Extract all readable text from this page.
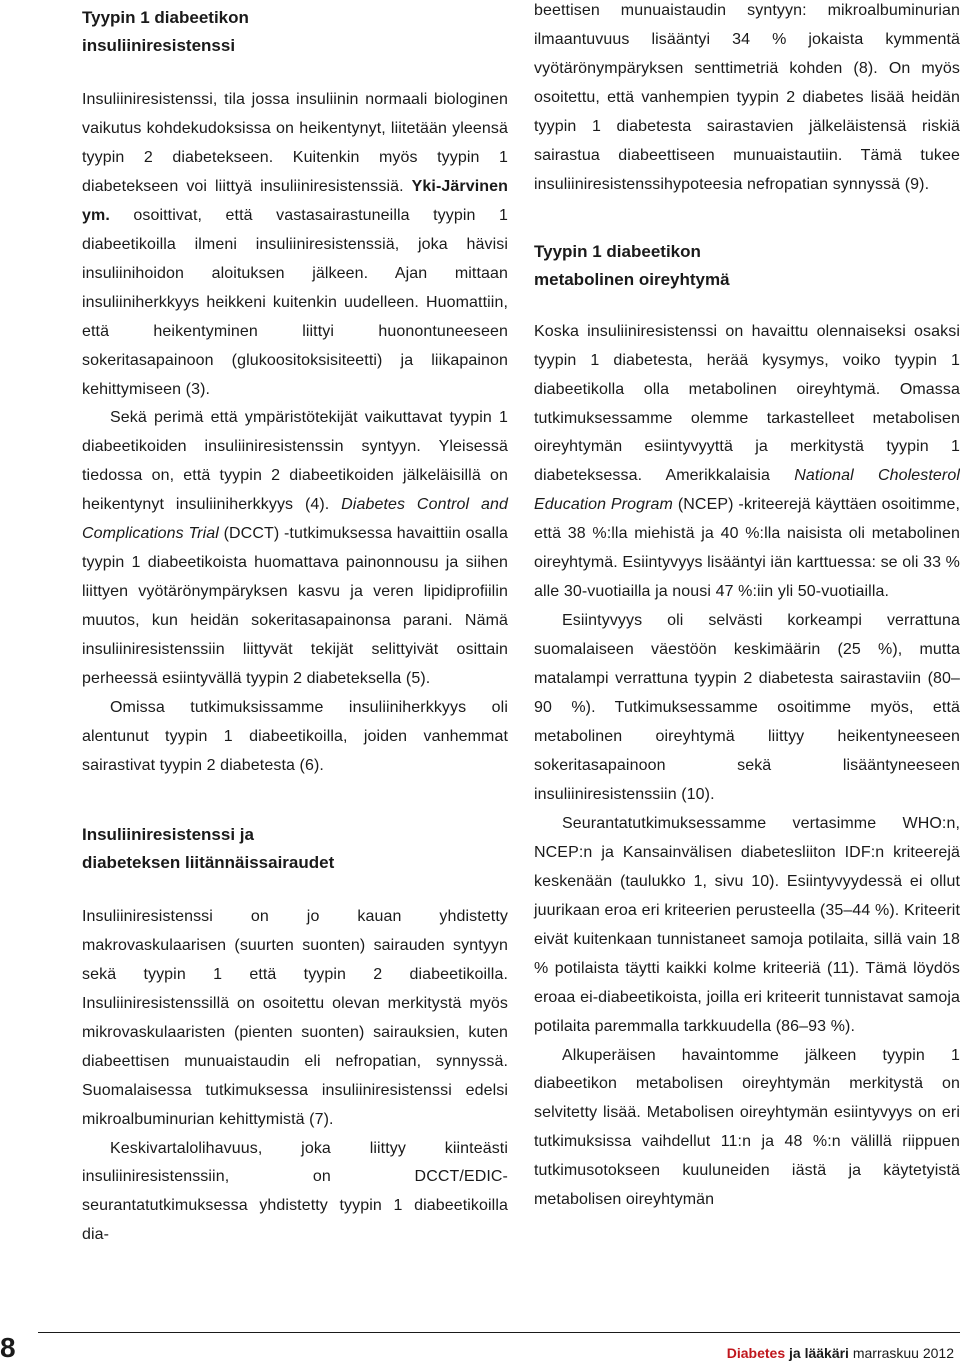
Tyypin 1 diabeetikon
insuliiniresistenssi

Insuliiniresistenssi, tila jossa insuliinin normaali biologinen vaikutus kohdekudoksissa on heikentynyt, liitetään yleensä tyypin 2 diabetekseen. Kuitenkin myös tyypin 1 diabetekseen voi liittyä insuliiniresistenssiä. Yki-Järvinen ym. osoittivat, että vastasairastuneilla tyypin 1 diabeetikoilla ilmeni insuliiniresistenssiä, joka hävisi insuliinihoidon aloituksen jälkeen. Ajan mittaan insuliiniherkkyys heikkeni kuitenkin uudelleen. Huomattiin, että heikentyminen liittyi huonontuneeseen sokeritasapainoon (glukoositoksisiteetti) ja liikapainon kehittymiseen (3).

Sekä perimä että ympäristötekijät vaikuttavat tyypin 1 diabeetikoiden insuliiniresistenssin syntyyn. Yleisessä tiedossa on, että tyypin 2 diabeetikoiden jälkeläisillä on heikentynyt insuliiniherkkyys (4). Diabetes Control and Complications Trial (DCCT) -tutkimuksessa havaittiin osalla tyypin 1 diabeetikoista huomattava painonnousu ja siihen liittyen vyötärönympäryksen kasvu ja veren lipidiprofiilin muutos, kun heidän sokeritasapainonsa parani. Nämä insuliiniresistenssiin liittyvät tekijät selittyivät osittain perheessä esiintyvällä tyypin 2 diabeteksella (5).

Omissa tutkimuksissamme insuliiniherkkyys oli alentunut tyypin 1 diabeetikoilla, joiden vanhemmat sairastivat tyypin 2 diabetesta (6).

Insuliiniresistenssi ja
diabeteksen liitännäissairaudet

Insuliiniresistenssi on jo kauan yhdistetty makrovaskulaarisen (suurten suonten) sairauden syntyyn sekä tyypin 1 että tyypin 2 diabeetikoilla. Insuliiniresistenssillä on osoitettu olevan merkitystä myös mikrovaskulaaristen (pienten suonten) sairauksien, kuten diabeettisen munuaistaudin eli nefropatian, synnyssä. Suomalaisessa tutkimuksessa insuliiniresistenssi edelsi mikroalbuminurian kehittymistä (7).

Keskivartalolihavuus, joka liittyy kiinteästi insuliiniresistenssiin, on DCCT/EDIC-seurantatutkimuksessa yhdistetty tyypin 1 diabeetikoilla dia-

beettisen munuaistaudin syntyyn: mikroalbuminurian ilmaantuvuus lisääntyi 34 % jokaista kymmentä vyötärönympäryksen senttimetriä kohden (8). On myös osoitettu, että vanhempien tyypin 2 diabetes lisää heidän tyypin 1 diabetesta sairastavien jälkeläistensä riskiä sairastua diabeettiseen munuaistautiin. Tämä tukee insuliiniresistenssihypoteesia nefropatian synnyssä (9).

Tyypin 1 diabeetikon
metabolinen oireyhtymä

Koska insuliiniresistenssi on havaittu olennaiseksi osaksi tyypin 1 diabetesta, herää kysymys, voiko tyypin 1 diabeetikolla olla metabolinen oireyhtymä. Omassa tutkimuksessamme olemme tarkastelleet metabolisen oireyhtymän esiintyvyyttä ja merkitystä tyypin 1 diabeteksessa. Amerikkalaisia National Cholesterol Education Program (NCEP) -kriteerejä käyttäen osoitimme, että 38 %:lla miehistä ja 40 %:lla naisista oli metabolinen oireyhtymä. Esiintyvyys lisääntyi iän karttuessa: se oli 33 % alle 30-vuotiailla ja nousi 47 %:iin yli 50-vuotiailla.

Esiintyvyys oli selvästi korkeampi verrattuna suomalaiseen väestöön keskimäärin (25 %), mutta matalampi verrattuna tyypin 2 diabetesta sairastaviin (80–90 %). Tutkimuksessamme osoitimme myös, että metabolinen oireyhtymä liittyy heikentyneeseen sokeritasapainoon sekä lisääntyneeseen insuliiniresistenssiin (10).

Seurantatutkimuksessamme vertasimme WHO:n, NCEP:n ja Kansainvälisen diabetesliiton IDF:n kriteerejä keskenään (taulukko 1, sivu 10). Esiintyvyydessä ei ollut juurikaan eroa eri kriteerien perusteella (35–44 %). Kriteerit eivät kuitenkaan tunnistaneet samoja potilaita, sillä vain 18 % potilaista täytti kaikki kolme kriteeriä (11). Tämä löydös eroaa ei-diabeetikoista, joilla eri kriteerit tunnistavat samoja potilaita paremmalla tarkkuudella (86–93 %).

Alkuperäisen havaintomme jälkeen tyypin 1 diabeetikon metabolisen oireyhtymän merkitystä on selvitetty lisää. Metabolisen oireyhtymän esiintyvyys on eri tutkimuksissa vaihdellut 11:n ja 48 %:n välillä riippuen tutkimusotokseen kuuluneiden iästä ja käytetyistä metabolisen oireyhtymän

8	Diabetes ja lääkäri marraskuu 2012
